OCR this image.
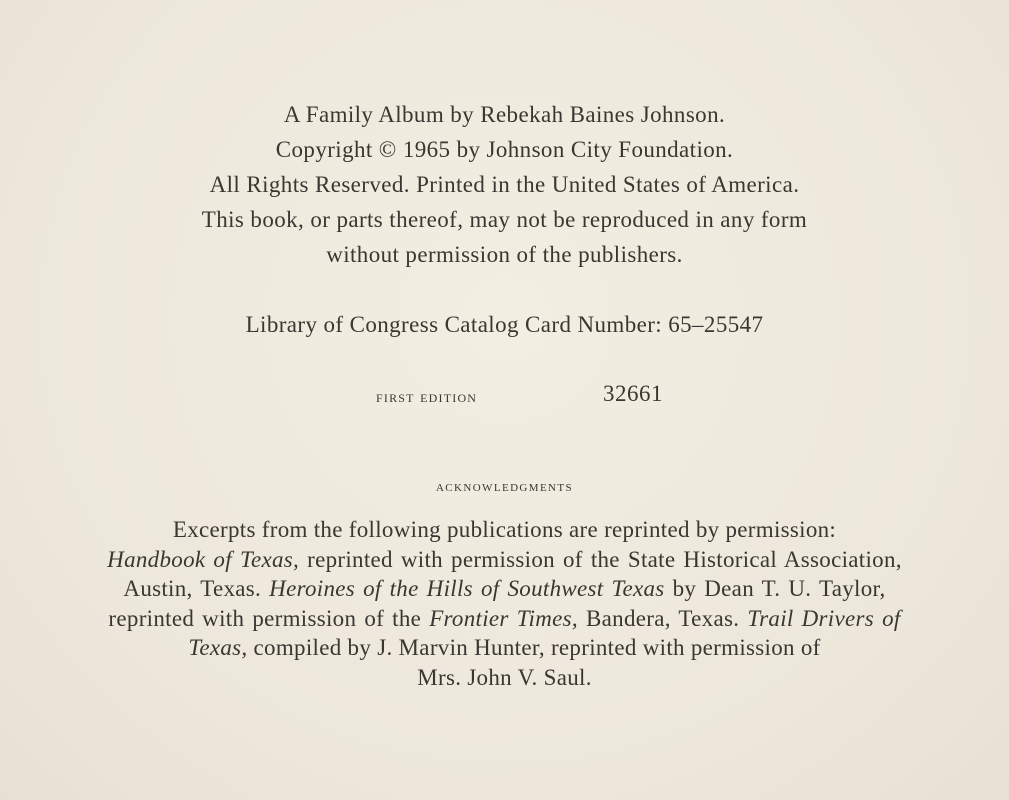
A Family Album by Rebekah Baines Johnson.
Copyright © 1965 by Johnson City Foundation.
All Rights Reserved. Printed in the United States of America.
This book, or parts thereof, may not be reproduced in any form
without permission of the publishers.
Library of Congress Catalog Card Number: 65–25547
first edition	32661
acknowledgments
Excerpts from the following publications are reprinted by permission:
Handbook of Texas, reprinted with permission of the State Historical Association,
Austin, Texas. Heroines of the Hills of Southwest Texas by Dean T. U. Taylor,
reprinted with permission of the Frontier Times, Bandera, Texas. Trail Drivers of
Texas, compiled by J. Marvin Hunter, reprinted with permission of
Mrs. John V. Saul.
